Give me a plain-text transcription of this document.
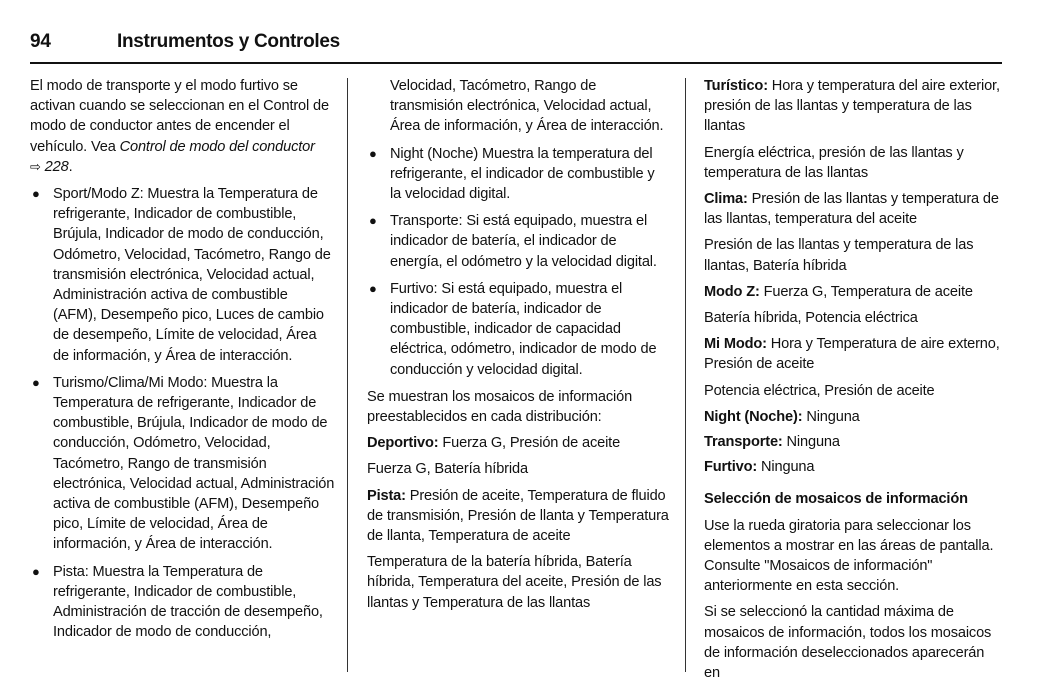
94	Instrumentos y Controles

El modo de transporte y el modo furtivo se activan cuando se seleccionan en el Control de modo de conductor antes de encender el vehículo. Vea Control de modo del conductor
⇨ 228.

● Sport/Modo Z: Muestra la Temperatura de refrigerante, Indicador de combustible, Brújula, Indicador de modo de conducción, Odómetro, Velocidad, Tacómetro, Rango de transmisión electrónica, Velocidad actual, Administración activa de combustible (AFM), Desempeño pico, Luces de cambio de desempeño, Límite de velocidad, Área de información, y Área de interacción.
● Turismo/Clima/Mi Modo: Muestra la Temperatura de refrigerante, Indicador de combustible, Brújula, Indicador de modo de conducción, Odómetro, Velocidad, Tacómetro, Rango de transmisión electrónica, Velocidad actual, Administración activa de combustible (AFM), Desempeño pico, Límite de velocidad, Área de información, y Área de interacción.
● Pista: Muestra la Temperatura de refrigerante, Indicador de combustible, Administración de tracción de desempeño, Indicador de modo de conducción,

Velocidad, Tacómetro, Rango de transmisión electrónica, Velocidad actual, Área de información, y Área de interacción.

● Night (Noche) Muestra la temperatura del refrigerante, el indicador de combustible y la velocidad digital.
● Transporte: Si está equipado, muestra el indicador de batería, el indicador de energía, el odómetro y la velocidad digital.
● Furtivo: Si está equipado, muestra el indicador de batería, indicador de combustible, indicador de capacidad eléctrica, odómetro, indicador de modo de conducción y velocidad digital.

Se muestran los mosaicos de información preestablecidos en cada distribución:

Deportivo: Fuerza G, Presión de aceite

Fuerza G, Batería híbrida

Pista: Presión de aceite, Temperatura de fluido de transmisión, Presión de llanta y Temperatura de llanta, Temperatura de aceite

Temperatura de la batería híbrida, Batería híbrida, Temperatura del aceite, Presión de las llantas y Temperatura de las llantas

Turístico: Hora y temperatura del aire exterior, presión de las llantas y temperatura de las llantas

Energía eléctrica, presión de las llantas y temperatura de las llantas

Clima: Presión de las llantas y temperatura de las llantas, temperatura del aceite

Presión de las llantas y temperatura de las llantas, Batería híbrida

Modo Z: Fuerza G, Temperatura de aceite

Batería híbrida, Potencia eléctrica

Mi Modo: Hora y Temperatura de aire externo, Presión de aceite

Potencia eléctrica, Presión de aceite

Night (Noche): Ninguna

Transporte: Ninguna

Furtivo: Ninguna

Selección de mosaicos de información

Use la rueda giratoria para seleccionar los elementos a mostrar en las áreas de pantalla. Consulte "Mosaicos de información" anteriormente en esta sección.

Si se seleccionó la cantidad máxima de mosaicos de información, todos los mosaicos de información deseleccionados aparecerán en
